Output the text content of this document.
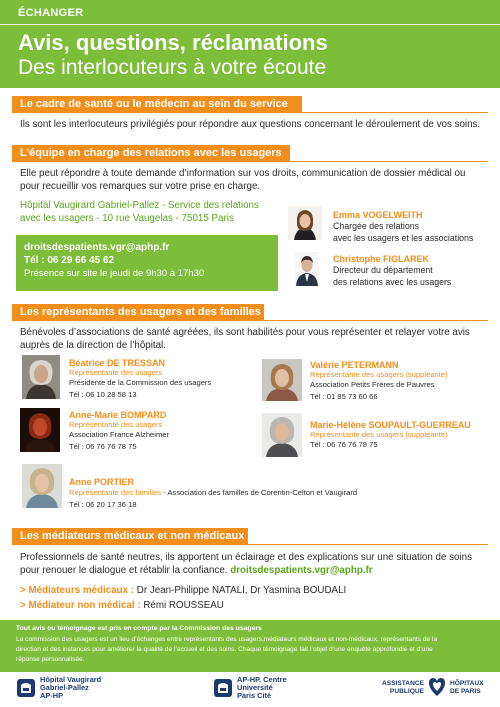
ÉCHANGER
Avis, questions, réclamations
Des interlocuteurs à votre écoute
Le cadre de santé ou le médecin au sein du service
Ils sont les interlocuteurs privilégiés pour répondre aux questions concernant le déroulement de vos soins.
L’équipe en charge des relations avec les usagers
Elle peut répondre à toute demande d’information sur vos droits, communication de dossier médical ou
pour recueillir vos remarques sur votre prise en charge.
Hôpital Vaugirard Gabriel-Pallez - Service des relations
avec les usagers - 10 rue Vaugelas - 75015 Paris
droitsdespatients.vgr@aphp.fr
Tél : 06 29 66 45 62
Présence sur site le jeudi de 9h30 à 17h30
Emma VOGELWEITH
Chargée des relations
avec les usagers et les associations
Christophe FIGLAREK
Directeur du département
des relations avec les usagers
Les représentants des usagers et des familles
Bénévoles d’associations de santé agréées, ils sont habilités pour vous représenter et relayer votre avis
auprès de la direction de l’hôpital.
Béatrice DE TRESSAN
Représentante des usagers
Présidente de la Commission des usagers
Tél : 06 10 28 58 13
Valérie PETERMANN
Représentante des usagers (suppléante)
Association Petits Frères de Pauvres
Tél : 01 85 73 60 66
Anne-Marie BOMPARD
Représentante des usagers
Association France Alzheimer
Tél : 06 76 76 78 75
Marie-Hélène SOUPAULT-GUERREAU
Représentante des usagers (suppléante)
Tél : 06 76 76 78 75
Anne PORTIER
Représentante des familles - Association des familles de Corentin-Celton et Vaugirard
Tél : 06 20 17 36 18
Les médiateurs médicaux et non médicaux
Professionnels de santé neutres, ils apportent un éclairage et des explications sur une situation de soins
pour renouer le dialogue et rétablir la confiance. droitsdespatients.vgr@aphp.fr
> Médiateurs médicaux : Dr Jean-Philippe NATALI, Dr Yasmina BOUDALI
> Médiateur non médical : Rémi ROUSSEAU
Tout avis ou témoignage est pris en compte par la Commission des usagers
La commission des usagers est un lieu d’échanges entre représentants des usagers,médiateurs médicaux et non-médicaux, représentants de la
direction et des instances pour améliorer la qualité de l’accueil et des soins. Chaque témoignage fait l’objet d’une enquête approfondie et d’une
réponse personnalisée.
Hôpital Vaugirard
Gabriel-Pallez
AP-HP
AP-HP. Centre
Université
Paris Cité
ASSISTANCE
PUBLIQUE
HÔPITAUX
DE PARIS
